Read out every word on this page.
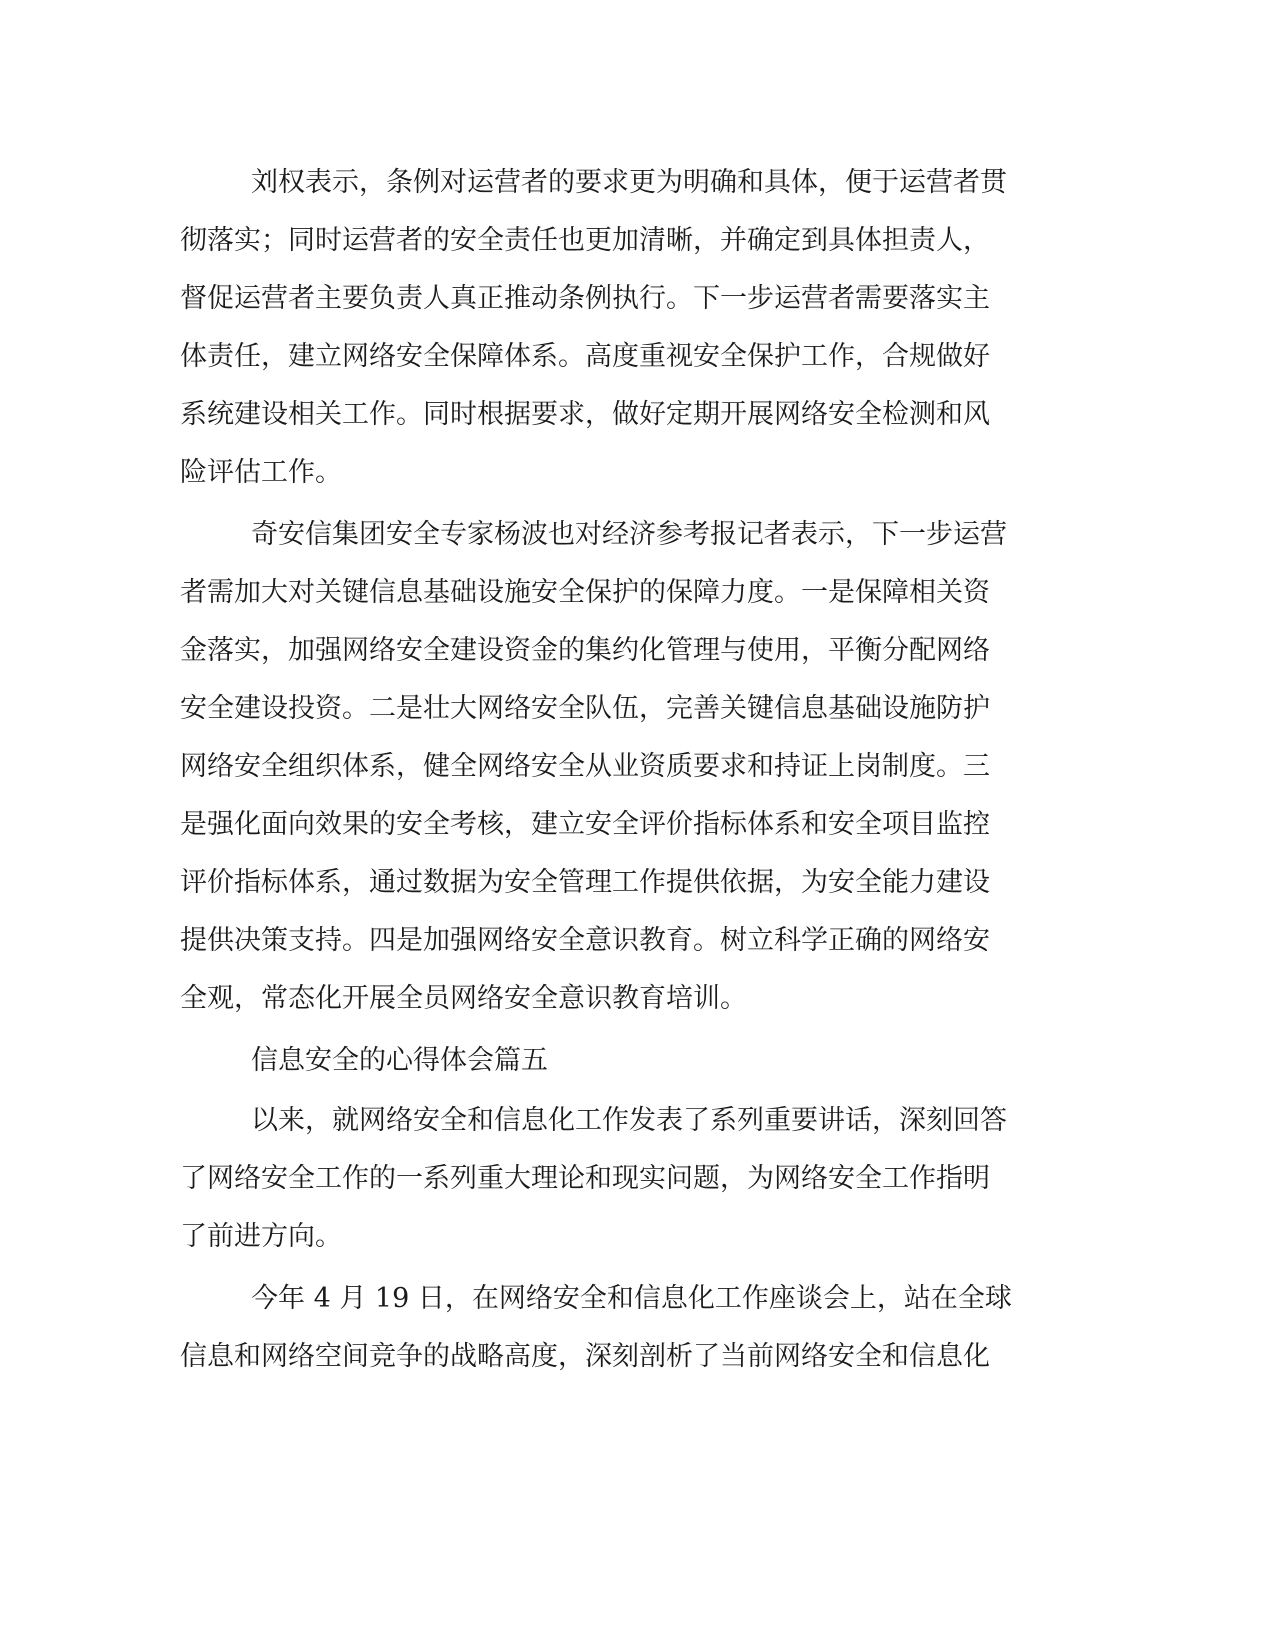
刘权表示，条例对运营者的要求更为明确和具体，便于运营者贯
彻落实；同时运营者的安全责任也更加清晰，并确定到具体担责人，
督促运营者主要负责人真正推动条例执行。下一步运营者需要落实主
体责任，建立网络安全保障体系。高度重视安全保护工作，合规做好
系统建设相关工作。同时根据要求，做好定期开展网络安全检测和风
险评估工作。
奇安信集团安全专家杨波也对经济参考报记者表示，下一步运营
者需加大对关键信息基础设施安全保护的保障力度。一是保障相关资
金落实，加强网络安全建设资金的集约化管理与使用，平衡分配网络
安全建设投资。二是壮大网络安全队伍，完善关键信息基础设施防护
网络安全组织体系，健全网络安全从业资质要求和持证上岗制度。三
是强化面向效果的安全考核，建立安全评价指标体系和安全项目监控
评价指标体系，通过数据为安全管理工作提供依据，为安全能力建设
提供决策支持。四是加强网络安全意识教育。树立科学正确的网络安
全观，常态化开展全员网络安全意识教育培训。
信息安全的心得体会篇五
以来，就网络安全和信息化工作发表了系列重要讲话，深刻回答
了网络安全工作的一系列重大理论和现实问题，为网络安全工作指明
了前进方向。
今年 4 月 19 日，在网络安全和信息化工作座谈会上，站在全球
信息和网络空间竞争的战略高度，深刻剖析了当前网络安全和信息化
